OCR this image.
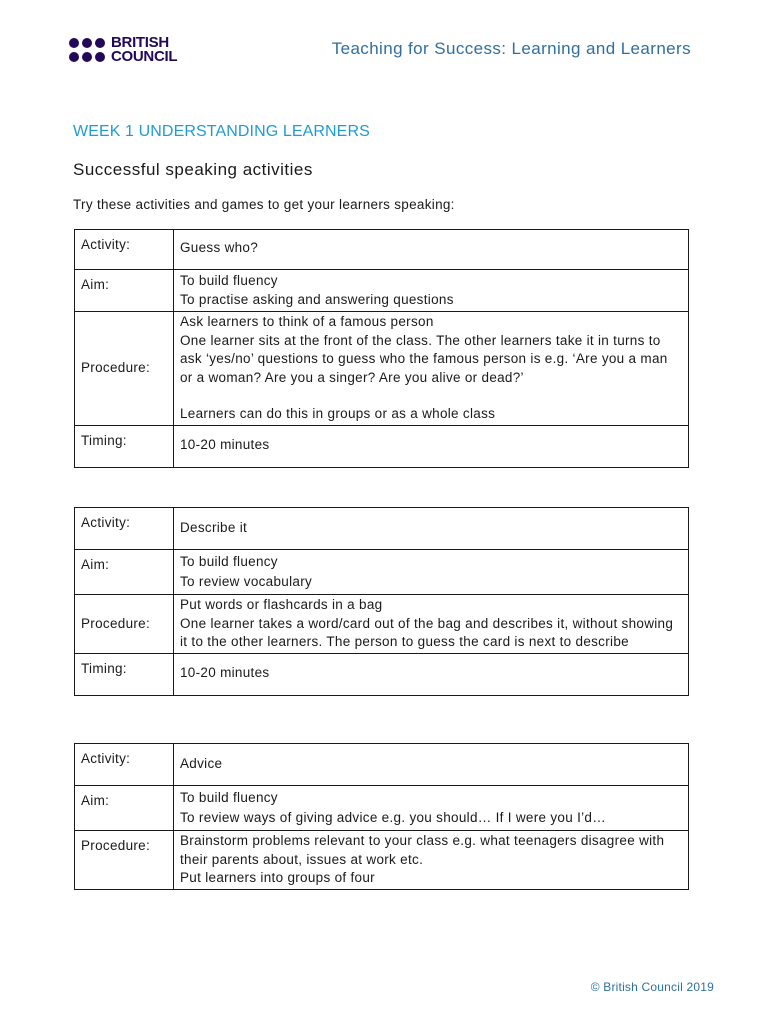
BRITISH
COUNCIL	Teaching for Success: Learning and Learners
WEEK 1 UNDERSTANDING LEARNERS
Successful speaking activities
Try these activities and games to get your learners speaking:
Activity:	Guess who?
Aim:	To build fluency
To practise asking and answering questions

Procedure:	Ask learners to think of a famous person
One learner sits at the front of the class. The other learners take it in turns to ask ‘yes/no’ questions to guess who the famous person is e.g. ‘Are you a man or a woman? Are you a singer? Are you alive or dead?’
Learners can do this in groups or as a whole class

Timing:	10-20 minutes
Activity:	Describe it
Aim:	To build fluency
To review vocabulary

Procedure:	Put words or flashcards in a bag
One learner takes a word/card out of the bag and describes it, without showing it to the other learners. The person to guess the card is next to describe

Timing:	10-20 minutes
Activity:	Advice
Aim:	To build fluency
To review ways of giving advice e.g. you should… If I were you I’d…

Procedure:	Brainstorm problems relevant to your class e.g. what teenagers disagree with their parents about, issues at work etc.
Put learners into groups of four
© British Council 2019
